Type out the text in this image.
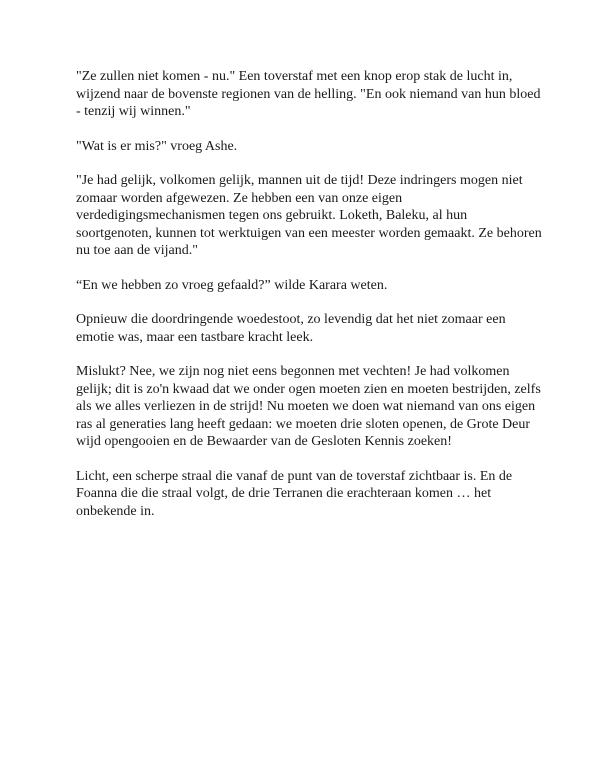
"Ze zullen niet komen - nu." Een toverstaf met een knop erop stak de lucht in, wijzend naar de bovenste regionen van de helling. "En ook niemand van hun bloed - tenzij wij winnen."

"Wat is er mis?" vroeg Ashe.

"Je had gelijk, volkomen gelijk, mannen uit de tijd! Deze indringers mogen niet zomaar worden afgewezen. Ze hebben een van onze eigen verdedigingsmechanismen tegen ons gebruikt. Loketh, Baleku, al hun soortgenoten, kunnen tot werktuigen van een meester worden gemaakt. Ze behoren nu toe aan de vijand."

“En we hebben zo vroeg gefaald?” wilde Karara weten.

Opnieuw die doordringende woedestoot, zo levendig dat het niet zomaar een emotie was, maar een tastbare kracht leek.

Mislukt? Nee, we zijn nog niet eens begonnen met vechten! Je had volkomen gelijk; dit is zo'n kwaad dat we onder ogen moeten zien en moeten bestrijden, zelfs als we alles verliezen in de strijd! Nu moeten we doen wat niemand van ons eigen ras al generaties lang heeft gedaan: we moeten drie sloten openen, de Grote Deur wijd opengooien en de Bewaarder van de Gesloten Kennis zoeken!

Licht, een scherpe straal die vanaf de punt van de toverstaf zichtbaar is. En de Foanna die die straal volgt, de drie Terranen die erachteraan komen … het onbekende in.
